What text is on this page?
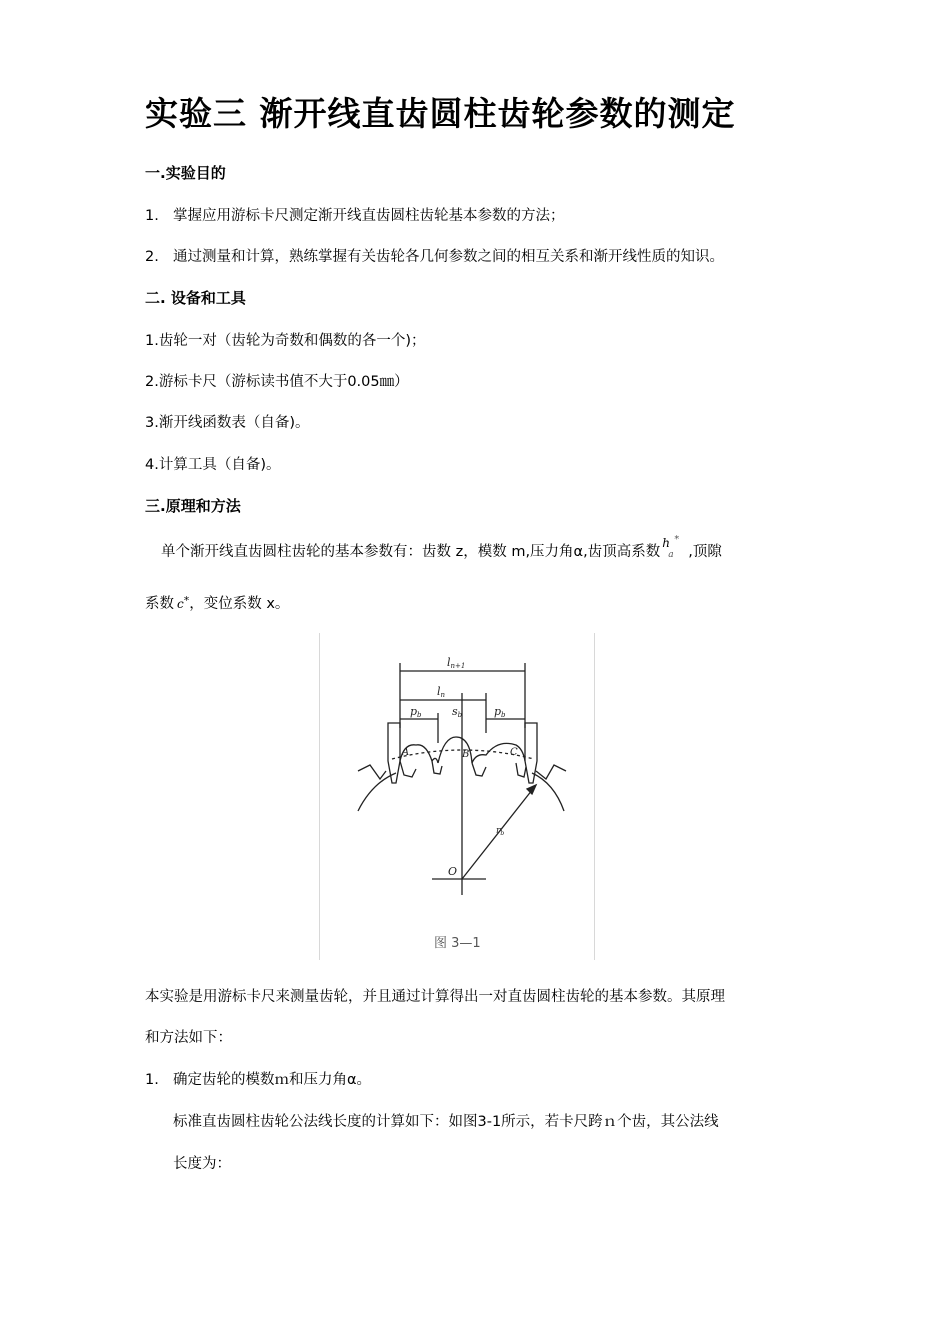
实验三 渐开线直齿圆柱齿轮参数的测定
一.实验目的
1. 掌握应用游标卡尺测定渐开线直齿圆柱齿轮基本参数的方法；
2. 通过测量和计算，熟练掌握有关齿轮各几何参数之间的相互关系和渐开线性质的知识。
二. 设备和工具
1.齿轮一对（齿轮为奇数和偶数的各一个)；
2.游标卡尺（游标读书值不大于0.05㎜）
3.渐开线函数表（自备)。
4.计算工具（自备)。
三.原理和方法
单个渐开线直齿圆柱齿轮的基本参数有：齿数 z，模数 m,压力角α,齿顶高系数
h *
a ,顶隙
系数 c*，变位系数 x。
ln+1
ln
pb	pb
sb
A	B	C
O
$r_b$
图 3—1
本实验是用游标卡尺来测量齿轮，并且通过计算得出一对直齿圆柱齿轮的基本参数。其原理
和方法如下：
1. 确定齿轮的模数ｍ和压力角α。
标准直齿圆柱齿轮公法线长度的计算如下：如图3-1所示，若卡尺跨ｎ个齿，其公法线
长度为：
